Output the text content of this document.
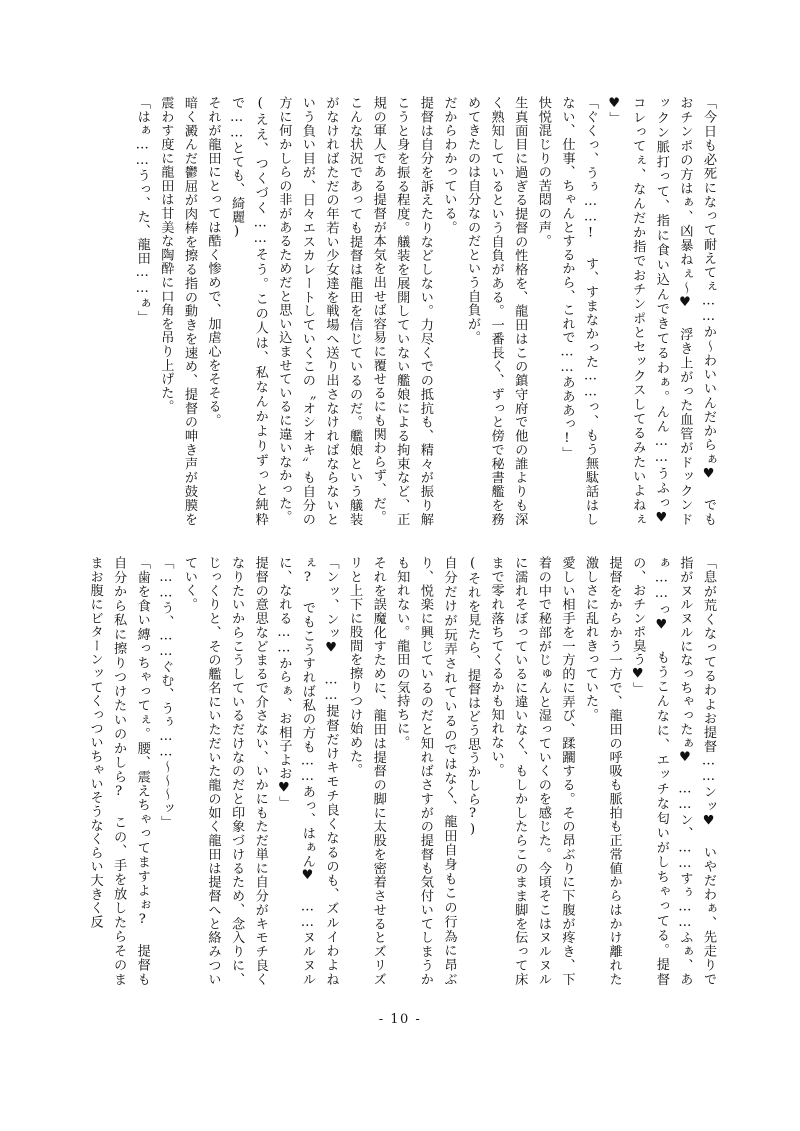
「今日も必死になって耐えてぇ……か～わいいんだからぁ♥ でもおチンポの方はぁ、凶暴ねぇ～♥ 浮き上がった血管がドックンドックン脈打って、指に食い込んできてるわぁ。んん……うふっ♥ コレってぇ、なんだか指でおチンポとセックスしてるみたいよねぇ♥」

「ぐくっ、うぅ……! す、すまなかった……っ、もう無駄話はしない、仕事、ちゃんとするから、これで……あああっ!」

快悦混じりの苦悶の声。

生真面目に過ぎる提督の性格を、龍田はこの鎮守府で他の誰よりも深く熟知しているという自負がある。一番長く、ずっと傍で秘書艦を務めてきたのは自分なのだという自負が。

だからわかっている。

提督は自分を訴えたりなどしない。力尽くでの抵抗も、精々が振り解こうと身を振る程度。艤装を展開していない艦娘による拘束など、正規の軍人である提督が本気を出せば容易に覆せるにも関わらず、だ。

こんな状況であっても提督は龍田を信じているのだ。艦娘という艤装がなければただの年若い少女達を戦場へ送り出さなければならないという負い目が、日々エスカレートしていくこの〝オシオキ〟も自分の方に何かしらの非があるためだと思い込ませているに違いなかった。

(ええ、つくづく……そう。この人は、私なんかよりずっと純粋で……とても、綺麗)

それが龍田にとっては酷く惨めで、加虐心をそそる。

暗く澱んだ鬱屈が肉棒を擦る指の動きを速め、提督の呻き声が鼓膜を震わす度に龍田は甘美な陶酔に口角を吊り上げた。

「はぁ……うっ、た、龍田……ぁ」

「息が荒くなってるわよお提督……ンッ♥ いやだわぁ、先走りで指がヌルヌルになっちゃったぁ♥ ……ン、……すぅ……ふぁ、あぁ……っ♥ もうこんなに、エッチな匂いがしちゃってる。提督の、おチンポ臭う♥」

提督をからかう一方で、龍田の呼吸も脈拍も正常値からはかけ離れた激しさに乱れきっていた。

愛しい相手を一方的に弄び、蹂躙する。その昂ぶりに下腹が疼き、下着の中で秘部がじゅんと湿っていくのを感じた。今頃そこはヌルヌルに濡れそぼっているに違いなく、もしかしたらこのまま脚を伝って床まで零れ落ちてくるかも知れない。

(それを見たら、提督はどう思うかしら?)

自分だけが玩弄されているのではなく、龍田自身もこの行為に昂ぶり、悦楽に興じているのだと知ればさすがの提督も気付いてしまうかも知れない。龍田の気持ちに。

それを誤魔化すために、龍田は提督の脚に太股を密着させるとズリズリと上下に股間を擦りつけ始めた。

「ンッ、ンッ♥ ……提督だけキモチ良くなるのも、ズルイわよねぇ? でもこうすれば私の方も……あっ、はぁん♥ ……ヌルヌルに、なれる……からぁ、お相子よお♥」

提督の意思などまるで介さない、いかにもただ単に自分がキモチ良くなりたいからこうしているだけなのだと印象づけるため、念入りに、じっくりと、その艦名にいただいた龍の如く龍田は提督へと絡みついていく。

「……う、……ぐむ、うぅ……～～～ッ」

「歯を食い縛っちゃってぇ。腰、震えちゃってますよぉ? 提督も自分から私に擦りつけたいのかしら? この、手を放したらそのままお腹にビターンッてくっついちゃいそうなくらい大きく反

- 10 -
